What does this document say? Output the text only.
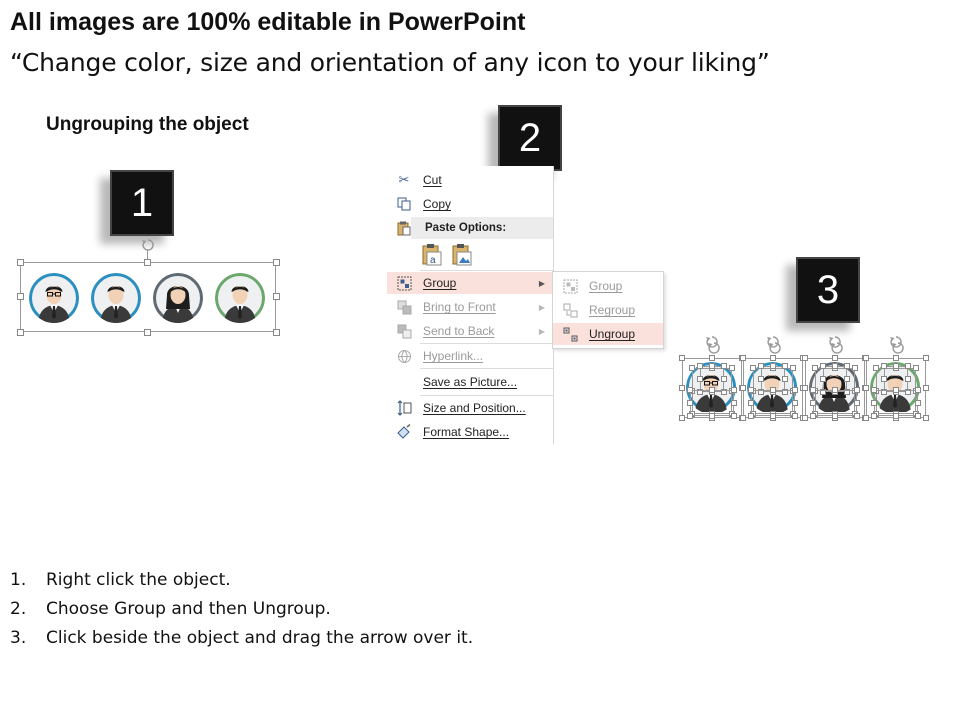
All images are 100% editable in PowerPoint
“Change color, size and orientation of any icon to your liking”
Ungrouping the object
1
2
3
✂	Cut
Copy
Paste Options:
a
Group	▶
Bring to Front	▶
Send to Back	▶
Hyperlink...
Save as Picture...
Size and Position...
Format Shape...
Group
Regroup
Ungroup
1.	Right click the object.
2.	Choose Group and then Ungroup.
3.	Click beside the object and drag the arrow over it.
